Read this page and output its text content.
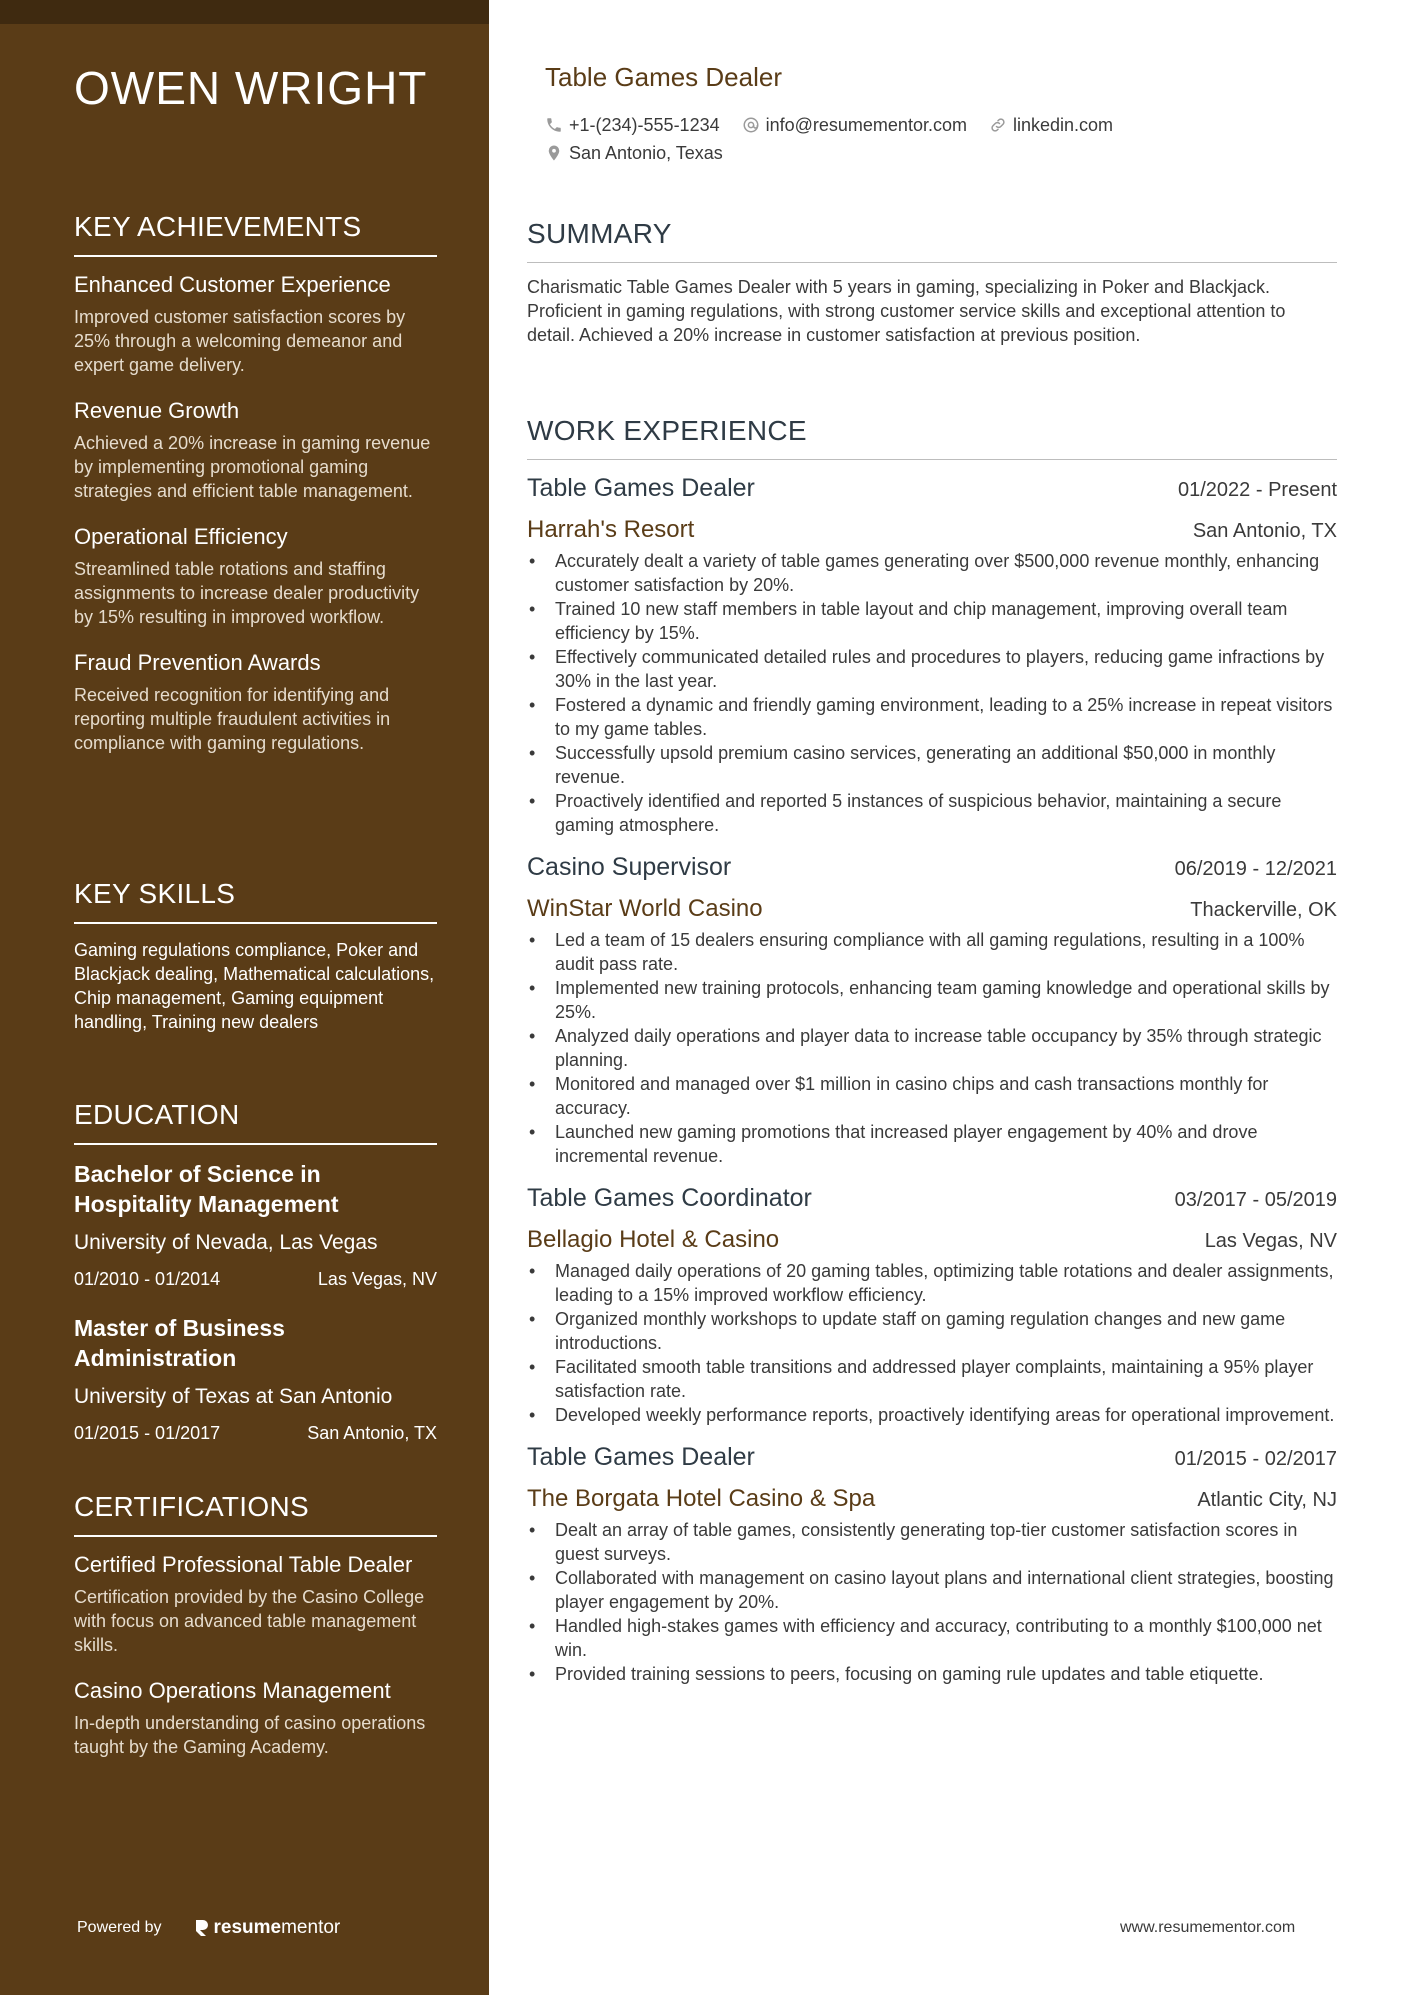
OWEN WRIGHT
KEY ACHIEVEMENTS
Enhanced Customer Experience
Improved customer satisfaction scores by 25% through a welcoming demeanor and expert game delivery.
Revenue Growth
Achieved a 20% increase in gaming revenue by implementing promotional gaming strategies and efficient table management.
Operational Efficiency
Streamlined table rotations and staffing assignments to increase dealer productivity by 15% resulting in improved workflow.
Fraud Prevention Awards
Received recognition for identifying and reporting multiple fraudulent activities in compliance with gaming regulations.
KEY SKILLS
Gaming regulations compliance, Poker and Blackjack dealing, Mathematical calculations, Chip management, Gaming equipment handling, Training new dealers
EDUCATION
Bachelor of Science in Hospitality Management
University of Nevada, Las Vegas
01/2010 - 01/2014	Las Vegas, NV
Master of Business Administration
University of Texas at San Antonio
01/2015 - 01/2017	San Antonio, TX
CERTIFICATIONS
Certified Professional Table Dealer
Certification provided by the Casino College with focus on advanced table management skills.
Casino Operations Management
In-depth understanding of casino operations taught by the Gaming Academy.
Powered by	resume mentor
Table Games Dealer
+1-(234)-555-1234	info@resumementor.com	linkedin.com
San Antonio, Texas
SUMMARY
Charismatic Table Games Dealer with 5 years in gaming, specializing in Poker and Blackjack. Proficient in gaming regulations, with strong customer service skills and exceptional attention to detail. Achieved a 20% increase in customer satisfaction at previous position.
WORK EXPERIENCE
Table Games Dealer	01/2022 - Present
Harrah's Resort	San Antonio, TX
• Accurately dealt a variety of table games generating over $500,000 revenue monthly, enhancing customer satisfaction by 20%.
• Trained 10 new staff members in table layout and chip management, improving overall team efficiency by 15%.
• Effectively communicated detailed rules and procedures to players, reducing game infractions by 30% in the last year.
• Fostered a dynamic and friendly gaming environment, leading to a 25% increase in repeat visitors to my game tables.
• Successfully upsold premium casino services, generating an additional $50,000 in monthly revenue.
• Proactively identified and reported 5 instances of suspicious behavior, maintaining a secure gaming atmosphere.
Casino Supervisor	06/2019 - 12/2021
WinStar World Casino	Thackerville, OK
• Led a team of 15 dealers ensuring compliance with all gaming regulations, resulting in a 100% audit pass rate.
• Implemented new training protocols, enhancing team gaming knowledge and operational skills by 25%.
• Analyzed daily operations and player data to increase table occupancy by 35% through strategic planning.
• Monitored and managed over $1 million in casino chips and cash transactions monthly for accuracy.
• Launched new gaming promotions that increased player engagement by 40% and drove incremental revenue.
Table Games Coordinator	03/2017 - 05/2019
Bellagio Hotel & Casino	Las Vegas, NV
• Managed daily operations of 20 gaming tables, optimizing table rotations and dealer assignments, leading to a 15% improved workflow efficiency.
• Organized monthly workshops to update staff on gaming regulation changes and new game introductions.
• Facilitated smooth table transitions and addressed player complaints, maintaining a 95% player satisfaction rate.
• Developed weekly performance reports, proactively identifying areas for operational improvement.
Table Games Dealer	01/2015 - 02/2017
The Borgata Hotel Casino & Spa	Atlantic City, NJ
• Dealt an array of table games, consistently generating top-tier customer satisfaction scores in guest surveys.
• Collaborated with management on casino layout plans and international client strategies, boosting player engagement by 20%.
• Handled high-stakes games with efficiency and accuracy, contributing to a monthly $100,000 net win.
• Provided training sessions to peers, focusing on gaming rule updates and table etiquette.
www.resumementor.com
